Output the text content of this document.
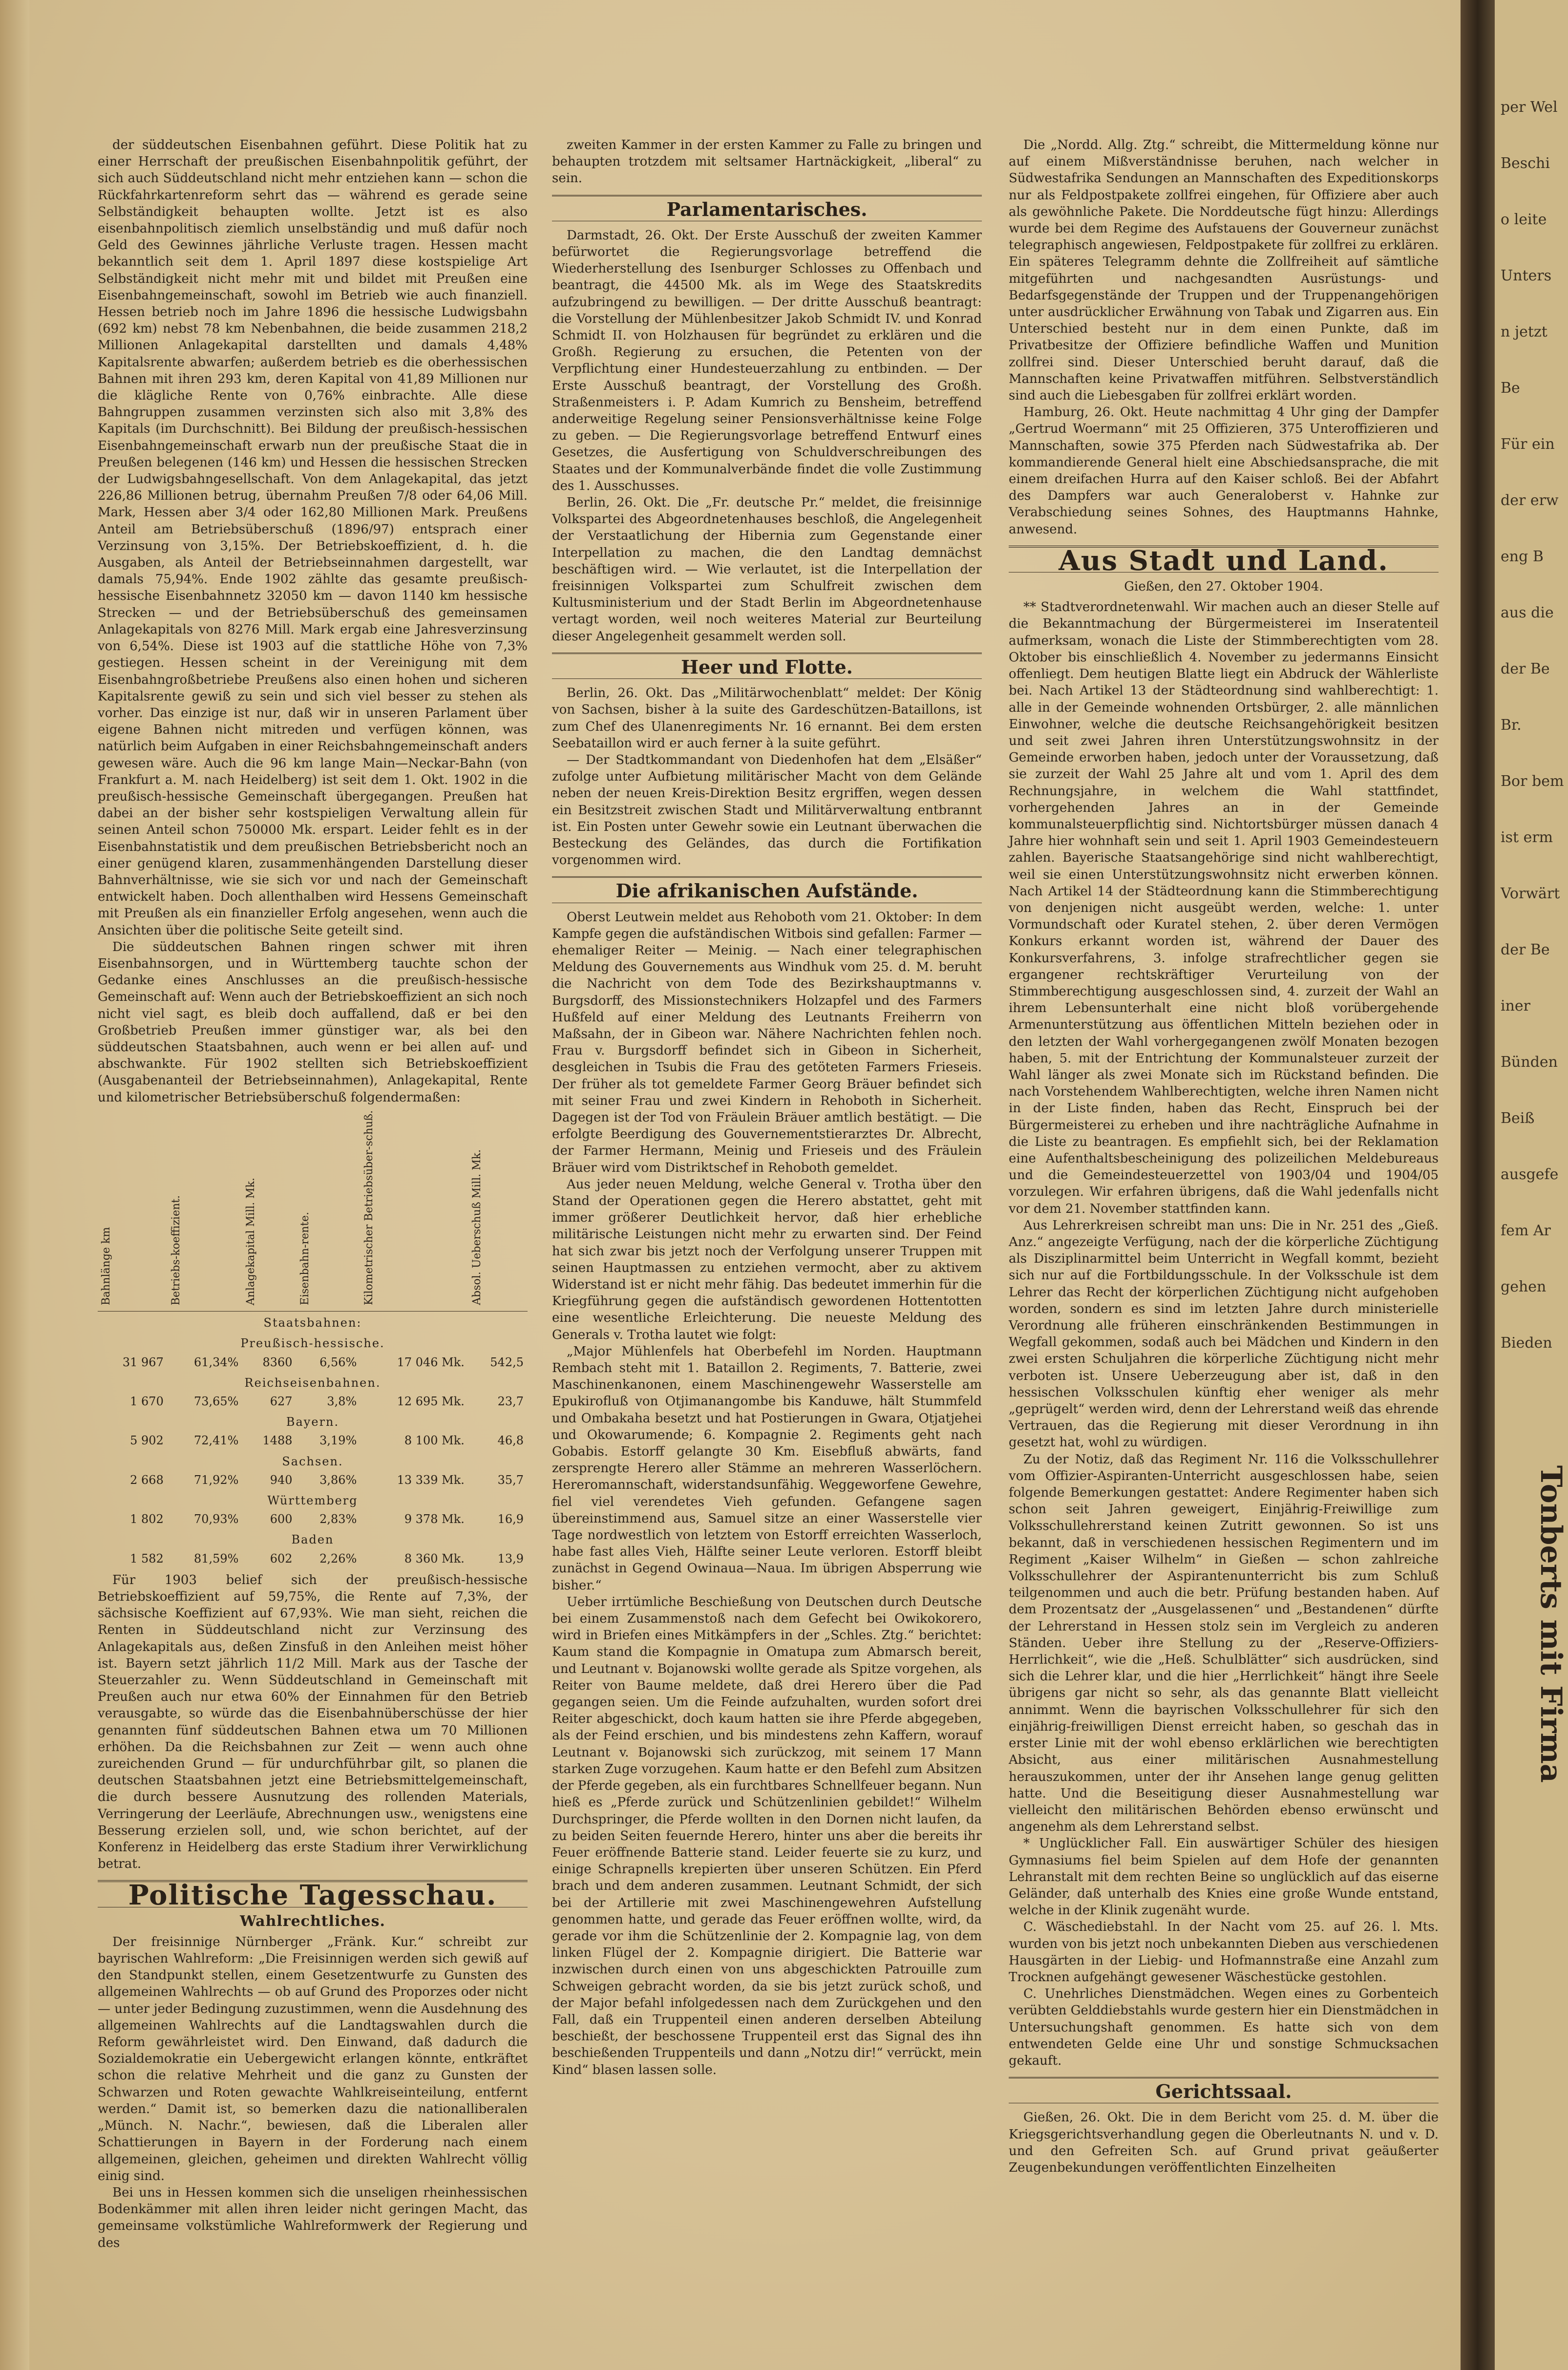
der süddeutschen Eisenbahnen geführt. Diese Politik hat zu einer Herrschaft der preußischen Eisenbahnpolitik geführt, der sich auch Süddeutschland nicht mehr entziehen kann — schon die Rückfahrkartenreform sehrt das — während es gerade seine Selbständigkeit behaupten wollte. Jetzt ist es also eisenbahnpolitisch ziemlich unselbständig und muß dafür noch Geld des Gewinnes jährliche Verluste tragen. Hessen macht bekanntlich seit dem 1. April 1897 diese kostspielige Art Selbständigkeit nicht mehr mit und bildet mit Preußen eine Eisenbahngemeinschaft, sowohl im Betrieb wie auch finanziell. Hessen betrieb noch im Jahre 1896 die hessische Ludwigsbahn (692 km) nebst 78 km Nebenbahnen, die beide zusammen 218,2 Millionen Anlagekapital darstellten und damals 4,48% Kapitalsrente abwarfen; außerdem betrieb es die oberhessischen Bahnen mit ihren 293 km, deren Kapital von 41,89 Millionen nur die klägliche Rente von 0,76% einbrachte. Alle diese Bahngruppen zusammen verzinsten sich also mit 3,8% des Kapitals (im Durchschnitt). Bei Bildung der preußisch-hessischen Eisenbahngemeinschaft erwarb nun der preußische Staat die in Preußen belegenen (146 km) und Hessen die hessischen Strecken der Ludwigsbahngesellschaft. Von dem Anlagekapital, das jetzt 226,86 Millionen betrug, übernahm Preußen 7/8 oder 64,06 Mill. Mark, Hessen aber 3/4 oder 162,80 Millionen Mark. Preußens Anteil am Betriebsüberschuß (1896/97) entsprach einer Verzinsung von 3,15%. Der Betriebskoeffizient, d. h. die Ausgaben, als Anteil der Betriebseinnahmen dargestellt, war damals 75,94%. Ende 1902 zählte das gesamte preußisch-hessische Eisenbahnnetz 32050 km — davon 1140 km hessische Strecken — und der Betriebsüberschuß des gemeinsamen Anlagekapitals von 8276 Mill. Mark ergab eine Jahresverzinsung von 6,54%. Diese ist 1903 auf die stattliche Höhe von 7,3% gestiegen. Hessen scheint in der Vereinigung mit dem Eisenbahngroßbetriebe Preußens also einen hohen und sicheren Kapitalsrente gewiß zu sein und sich viel besser zu stehen als vorher. Das einzige ist nur, daß wir in unseren Parlament über eigene Bahnen nicht mitreden und verfügen können, was natürlich beim Aufgaben in einer Reichsbahngemeinschaft anders gewesen wäre. Auch die 96 km lange Main—Neckar-Bahn (von Frankfurt a. M. nach Heidelberg) ist seit dem 1. Okt. 1902 in die preußisch-hessische Gemeinschaft übergegangen. Preußen hat dabei an der bisher sehr kostspieligen Verwaltung allein für seinen Anteil schon 750000 Mk. erspart. Leider fehlt es in der Eisenbahnstatistik und dem preußischen Betriebsbericht noch an einer genügend klaren, zusammenhängenden Darstellung dieser Bahnverhältnisse, wie sie sich vor und nach der Gemeinschaft entwickelt haben. Doch allenthalben wird Hessens Gemeinschaft mit Preußen als ein finanzieller Erfolg angesehen, wenn auch die Ansichten über die politische Seite geteilt sind.

Die süddeutschen Bahnen ringen schwer mit ihren Eisenbahnsorgen, und in Württemberg tauchte schon der Gedanke eines Anschlusses an die preußisch-hessische Gemeinschaft auf: Wenn auch der Betriebskoeffizient an sich noch nicht viel sagt, es bleib doch auffallend, daß er bei den Großbetrieb Preußen immer günstiger war, als bei den süddeutschen Staatsbahnen, auch wenn er bei allen auf- und abschwankte. Für 1902 stellten sich Betriebskoeffizient (Ausgabenanteil der Betriebseinnahmen), Anlagekapital, Rente und kilometrischer Betriebsüberschuß folgendermaßen:

Bahnlänge km	Betriebs-koeffizient.	Anlagekapital Mill. Mk.	Eisenbahn-rente.	Kilometrischer Betriebsüber-schuß.	Absol. Ueberschuß Mill. Mk.
Staatsbahnen:					
Preußisch-hessische.					
31 967	61,34%	8360	6,56%	17 046 Mk.	542,5
Reichseisenbahnen.					
1 670	73,65%	627	3,8%	12 695 Mk.	23,7
Bayern.					
5 902	72,41%	1488	3,19%	8 100 Mk.	46,8
Sachsen.					
2 668	71,92%	940	3,86%	13 339 Mk.	35,7
Württemberg					
1 802	70,93%	600	2,83%	9 378 Mk.	16,9
Baden					
1 582	81,59%	602	2,26%	8 360 Mk.	13,9

Für 1903 belief sich der preußisch-hessische Betriebskoeffizient auf 59,75%, die Rente auf 7,3%, der sächsische Koeffizient auf 67,93%. Wie man sieht, reichen die Renten in Süddeutschland nicht zur Verzinsung des Anlagekapitals aus, deßen Zinsfuß in den Anleihen meist höher ist. Bayern setzt jährlich 11/2 Mill. Mark aus der Tasche der Steuerzahler zu. Wenn Süddeutschland in Gemeinschaft mit Preußen auch nur etwa 60% der Einnahmen für den Betrieb verausgabte, so würde das die Eisenbahnüberschüsse der hier genannten fünf süddeutschen Bahnen etwa um 70 Millionen erhöhen. Da die Reichsbahnen zur Zeit — wenn auch ohne zureichenden Grund — für undurchführbar gilt, so planen die deutschen Staatsbahnen jetzt eine Betriebsmittelgemeinschaft, die durch bessere Ausnutzung des rollenden Materials, Verringerung der Leerläufe, Abrechnungen usw., wenigstens eine Besserung erzielen soll, und, wie schon berichtet, auf der Konferenz in Heidelberg das erste Stadium ihrer Verwirklichung betrat.

Politische Tagesschau.
Wahlrechtliches.

Der freisinnige Nürnberger „Fränk. Kur.“ schreibt zur bayrischen Wahlreform: „Die Freisinnigen werden sich gewiß auf den Standpunkt stellen, einem Gesetzentwurfe zu Gunsten des allgemeinen Wahlrechts — ob auf Grund des Proporzes oder nicht — unter jeder Bedingung zuzustimmen, wenn die Ausdehnung des allgemeinen Wahlrechts auf die Landtagswahlen durch die Reform gewährleistet wird. Den Einwand, daß dadurch die Sozialdemokratie ein Uebergewicht erlangen könnte, entkräftet schon die relative Mehrheit und die ganz zu Gunsten der Schwarzen und Roten gewachte Wahlkreiseinteilung, entfernt werden.“ Damit ist, so bemerken dazu die nationalliberalen „Münch. N. Nachr.“, bewiesen, daß die Liberalen aller Schattierungen in Bayern in der Forderung nach einem allgemeinen, gleichen, geheimen und direkten Wahlrecht völlig einig sind.

Bei uns in Hessen kommen sich die unseligen rheinhessischen Bodenkämmer mit allen ihren leider nicht geringen Macht, das gemeinsame volkstümliche Wahlreformwerk der Regierung und des

zweiten Kammer in der ersten Kammer zu Falle zu bringen und behaupten trotzdem mit seltsamer Hartnäckigkeit, „liberal“ zu sein.

Parlamentarisches.

Darmstadt, 26. Okt. Der Erste Ausschuß der zweiten Kammer befürwortet die Regierungsvorlage betreffend die Wiederherstellung des Isenburger Schlosses zu Offenbach und beantragt, die 44500 Mk. als im Wege des Staatskredits aufzubringend zu bewilligen. — Der dritte Ausschuß beantragt: die Vorstellung der Mühlenbesitzer Jakob Schmidt IV. und Konrad Schmidt II. von Holzhausen für begründet zu erklären und die Großh. Regierung zu ersuchen, die Petenten von der Verpflichtung einer Hundesteuerzahlung zu entbinden. — Der Erste Ausschuß beantragt, der Vorstellung des Großh. Straßenmeisters i. P. Adam Kumrich zu Bensheim, betreffend anderweitige Regelung seiner Pensionsverhältnisse keine Folge zu geben. — Die Regierungsvorlage betreffend Entwurf eines Gesetzes, die Ausfertigung von Schuldverschreibungen des Staates und der Kommunalverbände findet die volle Zustimmung des 1. Ausschusses.

Berlin, 26. Okt. Die „Fr. deutsche Pr.“ meldet, die freisinnige Volkspartei des Abgeordnetenhauses beschloß, die Angelegenheit der Verstaatlichung der Hibernia zum Gegenstande einer Interpellation zu machen, die den Landtag demnächst beschäftigen wird. — Wie verlautet, ist die Interpellation der freisinnigen Volkspartei zum Schulfreit zwischen dem Kultusministerium und der Stadt Berlin im Abgeordnetenhause vertagt worden, weil noch weiteres Material zur Beurteilung dieser Angelegenheit gesammelt werden soll.

Heer und Flotte.

Berlin, 26. Okt. Das „Militärwochenblatt“ meldet: Der König von Sachsen, bisher à la suite des Gardeschützen-Bataillons, ist zum Chef des Ulanenregiments Nr. 16 ernannt. Bei dem ersten Seebataillon wird er auch ferner à la suite geführt.

— Der Stadtkommandant von Diedenhofen hat dem „Elsäßer“ zufolge unter Aufbietung militärischer Macht von dem Gelände neben der neuen Kreis-Direktion Besitz ergriffen, wegen dessen ein Besitzstreit zwischen Stadt und Militärverwaltung entbrannt ist. Ein Posten unter Gewehr sowie ein Leutnant überwachen die Besteckung des Geländes, das durch die Fortifikation vorgenommen wird.

Die afrikanischen Aufstände.

Oberst Leutwein meldet aus Rehoboth vom 21. Oktober: In dem Kampfe gegen die aufständischen Witbois sind gefallen: Farmer — ehemaliger Reiter — Meinig. — Nach einer telegraphischen Meldung des Gouvernements aus Windhuk vom 25. d. M. beruht die Nachricht von dem Tode des Bezirkshauptmanns v. Burgsdorff, des Missionstechnikers Holzapfel und des Farmers Hußfeld auf einer Meldung des Leutnants Freiherrn von Maßsahn, der in Gibeon war. Nähere Nachrichten fehlen noch. Frau v. Burgsdorff befindet sich in Gibeon in Sicherheit, desgleichen in Tsubis die Frau des getöteten Farmers Frieseis. Der früher als tot gemeldete Farmer Georg Bräuer befindet sich mit seiner Frau und zwei Kindern in Rehoboth in Sicherheit. Dagegen ist der Tod von Fräulein Bräuer amtlich bestätigt. — Die erfolgte Beerdigung des Gouvernementstierarztes Dr. Albrecht, der Farmer Hermann, Meinig und Frieseis und des Fräulein Bräuer wird vom Distriktschef in Rehoboth gemeldet.

Aus jeder neuen Meldung, welche General v. Trotha über den Stand der Operationen gegen die Herero abstattet, geht mit immer größerer Deutlichkeit hervor, daß hier erhebliche militärische Leistungen nicht mehr zu erwarten sind. Der Feind hat sich zwar bis jetzt noch der Verfolgung unserer Truppen mit seinen Hauptmassen zu entziehen vermocht, aber zu aktivem Widerstand ist er nicht mehr fähig. Das bedeutet immerhin für die Kriegführung gegen die aufständisch gewordenen Hottentotten eine wesentliche Erleichterung. Die neueste Meldung des Generals v. Trotha lautet wie folgt:

„Major Mühlenfels hat Oberbefehl im Norden. Hauptmann Rembach steht mit 1. Bataillon 2. Regiments, 7. Batterie, zwei Maschinenkanonen, einem Maschinengewehr Wasserstelle am Epukirofluß von Otjimanangombe bis Kanduwe, hält Stummfeld und Ombakaha besetzt und hat Postierungen in Gwara, Otjatjehei und Okowarumende; 6. Kompagnie 2. Regiments geht nach Gobabis. Estorff gelangte 30 Km. Eisebfluß abwärts, fand zersprengte Herero aller Stämme an mehreren Wasserlöchern. Hereromannschaft, widerstandsunfähig. Weggeworfene Gewehre, fiel viel verendetes Vieh gefunden. Gefangene sagen übereinstimmend aus, Samuel sitze an einer Wasserstelle vier Tage nordwestlich von letztem von Estorff erreichten Wasserloch, habe fast alles Vieh, Hälfte seiner Leute verloren. Estorff bleibt zunächst in Gegend Owinaua—Naua. Im übrigen Absperrung wie bisher.“

Ueber irrtümliche Beschießung von Deutschen durch Deutsche bei einem Zusammenstoß nach dem Gefecht bei Owikokorero, wird in Briefen eines Mitkämpfers in der „Schles. Ztg.“ berichtet: Kaum stand die Kompagnie in Omatupa zum Abmarsch bereit, und Leutnant v. Bojanowski wollte gerade als Spitze vorgehen, als Reiter von Baume meldete, daß drei Herero über die Pad gegangen seien. Um die Feinde aufzuhalten, wurden sofort drei Reiter abgeschickt, doch kaum hatten sie ihre Pferde abgegeben, als der Feind erschien, und bis mindestens zehn Kaffern, worauf Leutnant v. Bojanowski sich zurückzog, mit seinem 17 Mann starken Zuge vorzugehen. Kaum hatte er den Befehl zum Absitzen der Pferde gegeben, als ein furchtbares Schnellfeuer begann. Nun hieß es „Pferde zurück und Schützenlinien gebildet!“ Wilhelm Durchspringer, die Pferde wollten in den Dornen nicht laufen, da zu beiden Seiten feuernde Herero, hinter uns aber die bereits ihr Feuer eröffnende Batterie stand. Leider feuerte sie zu kurz, und einige Schrapnells krepierten über unseren Schützen. Ein Pferd brach und dem anderen zusammen. Leutnant Schmidt, der sich bei der Artillerie mit zwei Maschinengewehren Aufstellung genommen hatte, und gerade das Feuer eröffnen wollte, wird, da gerade vor ihm die Schützenlinie der 2. Kompagnie lag, von dem linken Flügel der 2. Kompagnie dirigiert. Die Batterie war inzwischen durch einen von uns abgeschickten Patrouille zum Schweigen gebracht worden, da sie bis jetzt zurück schoß, und der Major befahl infolgedessen nach dem Zurückgehen und den Fall, daß ein Truppenteil einen anderen derselben Abteilung beschießt, der beschossene Truppenteil erst das Signal des ihn beschießenden Truppenteils und dann „Notzu dir!“ verrückt, mein Kind“ blasen lassen solle.

Die „Nordd. Allg. Ztg.“ schreibt, die Mittermeldung könne nur auf einem Mißverständnisse beruhen, nach welcher in Südwestafrika Sendungen an Mannschaften des Expeditionskorps nur als Feldpostpakete zollfrei eingehen, für Offiziere aber auch als gewöhnliche Pakete. Die Norddeutsche fügt hinzu: Allerdings wurde bei dem Regime des Aufstauens der Gouverneur zunächst telegraphisch angewiesen, Feldpostpakete für zollfrei zu erklären. Ein späteres Telegramm dehnte die Zollfreiheit auf sämtliche mitgeführten und nachgesandten Ausrüstungs- und Bedarfsgegenstände der Truppen und der Truppenangehörigen unter ausdrücklicher Erwähnung von Tabak und Zigarren aus. Ein Unterschied besteht nur in dem einen Punkte, daß im Privatbesitze der Offiziere befindliche Waffen und Munition zollfrei sind. Dieser Unterschied beruht darauf, daß die Mannschaften keine Privatwaffen mitführen. Selbstverständlich sind auch die Liebesgaben für zollfrei erklärt worden.

Hamburg, 26. Okt. Heute nachmittag 4 Uhr ging der Dampfer „Gertrud Woermann“ mit 25 Offizieren, 375 Unteroffizieren und Mannschaften, sowie 375 Pferden nach Südwestafrika ab. Der kommandierende General hielt eine Abschiedsansprache, die mit einem dreifachen Hurra auf den Kaiser schloß. Bei der Abfahrt des Dampfers war auch Generaloberst v. Hahnke zur Verabschiedung seines Sohnes, des Hauptmanns Hahnke, anwesend.

Aus Stadt und Land.
Gießen, den 27. Oktober 1904.

** Stadtverordnetenwahl. Wir machen auch an dieser Stelle auf die Bekanntmachung der Bürgermeisterei im Inseratenteil aufmerksam, wonach die Liste der Stimmberechtigten vom 28. Oktober bis einschließlich 4. November zu jedermanns Einsicht offenliegt. Dem heutigen Blatte liegt ein Abdruck der Wählerliste bei. Nach Artikel 13 der Städteordnung sind wahlberechtigt: 1. alle in der Gemeinde wohnenden Ortsbürger, 2. alle männlichen Einwohner, welche die deutsche Reichsangehörigkeit besitzen und seit zwei Jahren ihren Unterstützungswohnsitz in der Gemeinde erworben haben, jedoch unter der Voraussetzung, daß sie zurzeit der Wahl 25 Jahre alt und vom 1. April des dem Rechnungsjahre, in welchem die Wahl stattfindet, vorhergehenden Jahres an in der Gemeinde kommunalsteuerpflichtig sind. Nichtortsbürger müssen danach 4 Jahre hier wohnhaft sein und seit 1. April 1903 Gemeindesteuern zahlen. Bayerische Staatsangehörige sind nicht wahlberechtigt, weil sie einen Unterstützungswohnsitz nicht erwerben können. Nach Artikel 14 der Städteordnung kann die Stimmberechtigung von denjenigen nicht ausgeübt werden, welche: 1. unter Vormundschaft oder Kuratel stehen, 2. über deren Vermögen Konkurs erkannt worden ist, während der Dauer des Konkursverfahrens, 3. infolge strafrechtlicher gegen sie ergangener rechtskräftiger Verurteilung von der Stimmberechtigung ausgeschlossen sind, 4. zurzeit der Wahl an ihrem Lebensunterhalt eine nicht bloß vorübergehende Armenunterstützung aus öffentlichen Mitteln beziehen oder in den letzten der Wahl vorhergegangenen zwölf Monaten bezogen haben, 5. mit der Entrichtung der Kommunalsteuer zurzeit der Wahl länger als zwei Monate sich im Rückstand befinden. Die nach Vorstehendem Wahlberechtigten, welche ihren Namen nicht in der Liste finden, haben das Recht, Einspruch bei der Bürgermeisterei zu erheben und ihre nachträgliche Aufnahme in die Liste zu beantragen. Es empfiehlt sich, bei der Reklamation eine Aufenthaltsbescheinigung des polizeilichen Meldebureaus und die Gemeindesteuerzettel von 1903/04 und 1904/05 vorzulegen. Wir erfahren übrigens, daß die Wahl jedenfalls nicht vor dem 21. November stattfinden kann.

Aus Lehrerkreisen schreibt man uns: Die in Nr. 251 des „Gieß. Anz.“ angezeigte Verfügung, nach der die körperliche Züchtigung als Disziplinarmittel beim Unterricht in Wegfall kommt, bezieht sich nur auf die Fortbildungsschule. In der Volksschule ist dem Lehrer das Recht der körperlichen Züchtigung nicht aufgehoben worden, sondern es sind im letzten Jahre durch ministerielle Verordnung alle früheren einschränkenden Bestimmungen in Wegfall gekommen, sodaß auch bei Mädchen und Kindern in den zwei ersten Schuljahren die körperliche Züchtigung nicht mehr verboten ist. Unsere Ueberzeugung aber ist, daß in den hessischen Volksschulen künftig eher weniger als mehr „geprügelt“ werden wird, denn der Lehrerstand weiß das ehrende Vertrauen, das die Regierung mit dieser Verordnung in ihn gesetzt hat, wohl zu würdigen.

Zu der Notiz, daß das Regiment Nr. 116 die Volksschullehrer vom Offizier-Aspiranten-Unterricht ausgeschlossen habe, seien folgende Bemerkungen gestattet: Andere Regimenter haben sich schon seit Jahren geweigert, Einjährig-Freiwillige zum Volksschullehrerstand keinen Zutritt gewonnen. So ist uns bekannt, daß in verschiedenen hessischen Regimentern und im Regiment „Kaiser Wilhelm“ in Gießen — schon zahlreiche Volksschullehrer der Aspirantenunterricht bis zum Schluß teilgenommen und auch die betr. Prüfung bestanden haben. Auf dem Prozentsatz der „Ausgelassenen“ und „Bestandenen“ dürfte der Lehrerstand in Hessen stolz sein im Vergleich zu anderen Ständen. Ueber ihre Stellung zu der „Reserve-Offiziers-Herrlichkeit“, wie die „Heß. Schulblätter“ sich ausdrücken, sind sich die Lehrer klar, und die hier „Herrlichkeit“ hängt ihre Seele übrigens gar nicht so sehr, als das genannte Blatt vielleicht annimmt. Wenn die bayrischen Volksschullehrer für sich den einjährig-freiwilligen Dienst erreicht haben, so geschah das in erster Linie mit der wohl ebenso erklärlichen wie berechtigten Absicht, aus einer militärischen Ausnahmestellung herauszukommen, unter der ihr Ansehen lange genug gelitten hatte. Und die Beseitigung dieser Ausnahmestellung war vielleicht den militärischen Behörden ebenso erwünscht und angenehm als dem Lehrerstand selbst.

* Unglücklicher Fall. Ein auswärtiger Schüler des hiesigen Gymnasiums fiel beim Spielen auf dem Hofe der genannten Lehranstalt mit dem rechten Beine so unglücklich auf das eiserne Geländer, daß unterhalb des Knies eine große Wunde entstand, welche in der Klinik zugenäht wurde.

C. Wäschediebstahl. In der Nacht vom 25. auf 26. l. Mts. wurden von bis jetzt noch unbekannten Dieben aus verschiedenen Hausgärten in der Liebig- und Hofmannstraße eine Anzahl zum Trocknen aufgehängt gewesener Wäschestücke gestohlen.

C. Unehrliches Dienstmädchen. Wegen eines zu Gorbenteich verübten Gelddiebstahls wurde gestern hier ein Dienstmädchen in Untersuchungshaft genommen. Es hatte sich von dem entwendeten Gelde eine Uhr und sonstige Schmucksachen gekauft.

Gerichtssaal.

Gießen, 26. Okt. Die in dem Bericht vom 25. d. M. über die Kriegsgerichtsverhandlung gegen die Oberleutnants N. und v. D. und den Gefreiten Sch. auf Grund privat geäußerter Zeugenbekundungen veröffentlichten Einzelheiten

per Wel
Beschi
o leite
Unters
n jetzt
Be
Für ein
der erw
eng B
aus die
der Be
Br.
Bor bem
ist erm
Vorwärt
der Be
iner
Bünden
Beiß
ausgefe
fem Ar
gehen
Bieden
Tonberts mit Firma
